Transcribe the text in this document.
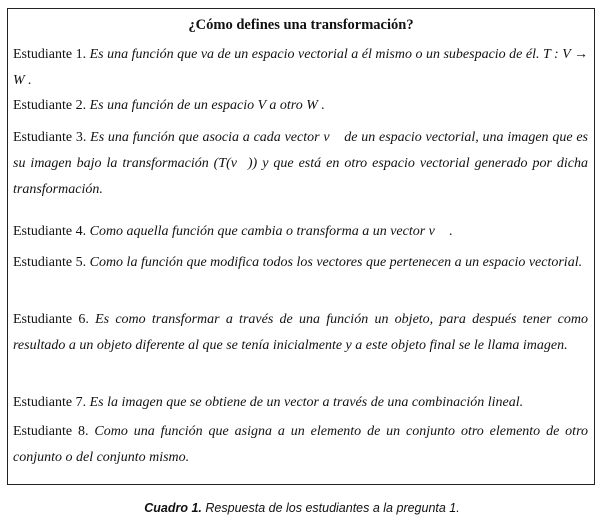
¿Cómo defines una transformación?
Estudiante 1. Es una función que va de un espacio vectorial a él mismo o un subespacio de él. T : V → W .
Estudiante 2. Es una función de un espacio V a otro W .
Estudiante 3. Es una función que asocia a cada vector v⃗ de un espacio vectorial, una imagen que es su imagen bajo la transformación (T(v⃗)) y que está en otro espacio vectorial generado por dicha transformación.
Estudiante 4. Como aquella función que cambia o transforma a un vector v⃗ .
Estudiante 5. Como la función que modifica todos los vectores que pertenecen a un espacio vectorial.
Estudiante 6. Es como transformar a través de una función un objeto, para después tener como resultado a un objeto diferente al que se tenía inicialmente y a este objeto final se le llama imagen.
Estudiante 7. Es la imagen que se obtiene de un vector a través de una combinación lineal.
Estudiante 8. Como una función que asigna a un elemento de un conjunto otro elemento de otro conjunto o del conjunto mismo.
Cuadro 1. Respuesta de los estudiantes a la pregunta 1.
